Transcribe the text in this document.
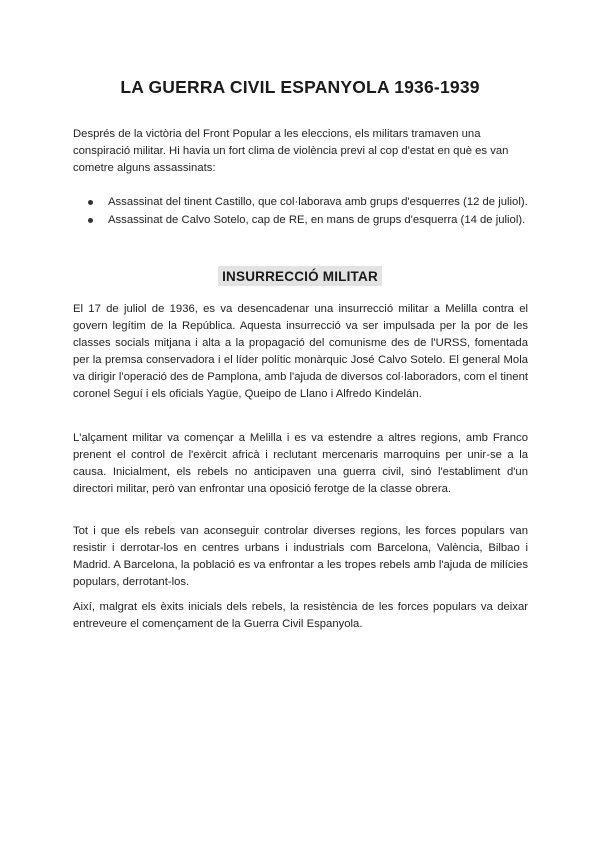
LA GUERRA CIVIL ESPANYOLA 1936-1939

Després de la victòria del Front Popular a les eleccions, els militars tramaven una conspiració militar. Hi havia un fort clima de violència previ al cop d'estat en què es van cometre alguns assassinats:

Assassinat del tinent Castillo, que col·laborava amb grups d'esquerres (12 de juliol).
Assassinat de Calvo Sotelo, cap de RE, en mans de grups d'esquerra (14 de juliol).
INSURRECCIÓ MILITAR

El 17 de juliol de 1936, es va desencadenar una insurrecció militar a Melilla contra el govern legítim de la República. Aquesta insurrecció va ser impulsada per la por de les classes socials mitjana i alta a la propagació del comunisme des de l'URSS, fomentada per la premsa conservadora i el líder polític monàrquic José Calvo Sotelo. El general Mola va dirigir l'operació des de Pamplona, amb l'ajuda de diversos col·laboradors, com el tinent coronel Seguí i els oficials Yagüe, Queipo de Llano i Alfredo Kindelán.

L'alçament militar va començar a Melilla i es va estendre a altres regions, amb Franco prenent el control de l'exèrcit africà i reclutant mercenaris marroquins per unir-se a la causa. Inicialment, els rebels no anticipaven una guerra civil, sinó l'establiment d'un directori militar, però van enfrontar una oposició ferotge de la classe obrera.

Tot i que els rebels van aconseguir controlar diverses regions, les forces populars van resistir i derrotar-los en centres urbans i industrials com Barcelona, València, Bilbao i Madrid. A Barcelona, la població es va enfrontar a les tropes rebels amb l'ajuda de milícies populars, derrotant-los.

Així, malgrat els èxits inicials dels rebels, la resistència de les forces populars va deixar entreveure el començament de la Guerra Civil Espanyola.
